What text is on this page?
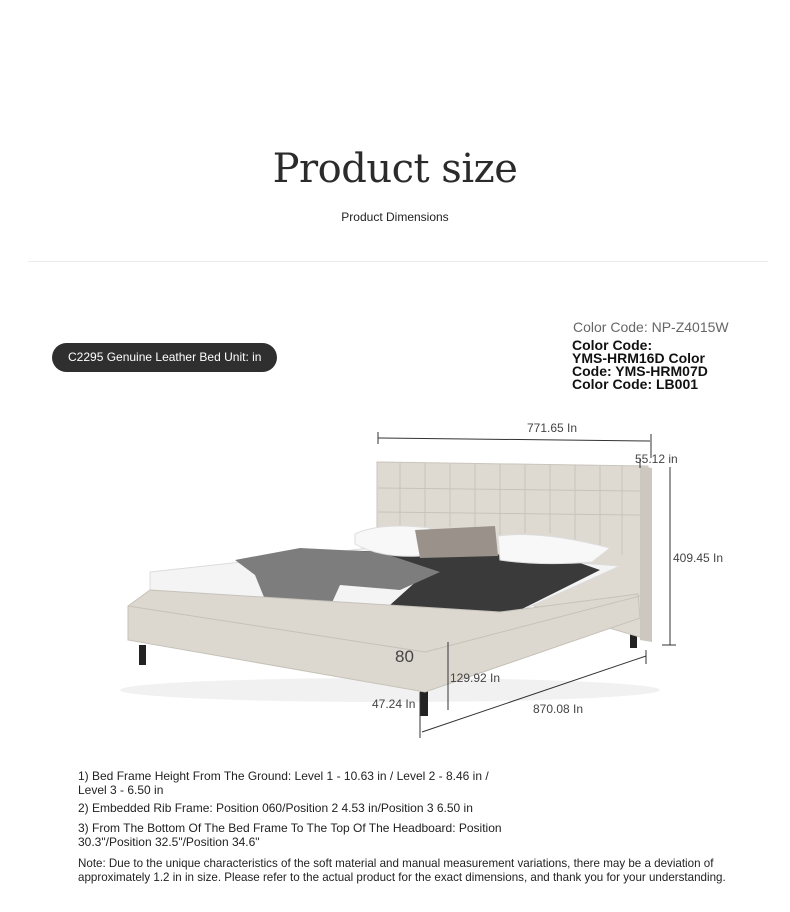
Product size
Product Dimensions
C2295 Genuine Leather Bed Unit: in
Color Code: NP-Z4015W
Color Code:
YMS-HRM16D Color
Code: YMS-HRM07D
Color Code: LB001
771.65 In
55.12 in
409.45 In
80
129.92 In
47.24 In	870.08 In
1) Bed Frame Height From The Ground: Level 1 - 10.63 in / Level 2 - 8.46 in /
Level 3 - 6.50 in
2) Embedded Rib Frame: Position 060/Position 2 4.53 in/Position 3 6.50 in
3) From The Bottom Of The Bed Frame To The Top Of The Headboard: Position
30.3"/Position 32.5"/Position 34.6"
Note: Due to the unique characteristics of the soft material and manual measurement variations, there may be a deviation of
approximately 1.2 in in size. Please refer to the actual product for the exact dimensions, and thank you for your understanding.
